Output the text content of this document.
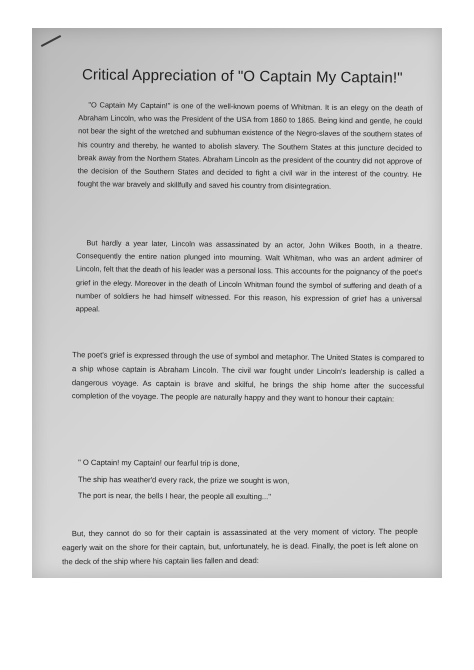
Critical Appreciation of "O Captain My Captain!"
"O Captain My Captain!" is one of the well-known poems of Whitman. It is an elegy on the death of Abraham Lincoln, who was the President of the USA from 1860 to 1865. Being kind and gentle, he could not bear the sight of the wretched and subhuman existence of the Negro-slaves of the southern states of his country and thereby, he wanted to abolish slavery. The Southern States at this juncture decided to break away from the Northern States. Abraham Lincoln as the president of the country did not approve of the decision of the Southern States and decided to fight a civil war in the interest of the country. He fought the war bravely and skillfully and saved his country from disintegration.
But hardly a year later, Lincoln was assassinated by an actor, John Wilkes Booth, in a theatre. Consequently the entire nation plunged into mourning. Walt Whitman, who was an ardent admirer of Lincoln, felt that the death of his leader was a personal loss. This accounts for the poignancy of the poet's grief in the elegy. Moreover in the death of Lincoln Whitman found the symbol of suffering and death of a number of soldiers he had himself witnessed. For this reason, his expression of grief has a universal appeal.
The poet's grief is expressed through the use of symbol and metaphor. The United States is compared to a ship whose captain is Abraham Lincoln. The civil war fought under Lincoln's leadership is called a dangerous voyage. As captain is brave and skilful, he brings the ship home after the successful completion of the voyage. The people are naturally happy and they want to honour their captain:
" O Captain! my Captain! our fearful trip is done,
The ship has weather'd every rack, the prize we sought is won,
The port is near, the bells I hear, the people all exulting..."
But, they cannot do so for their captain is assassinated at the very moment of victory. The people eagerly wait on the shore for their captain, but, unfortunately, he is dead. Finally, the poet is left alone on the deck of the ship where his captain lies fallen and dead:
